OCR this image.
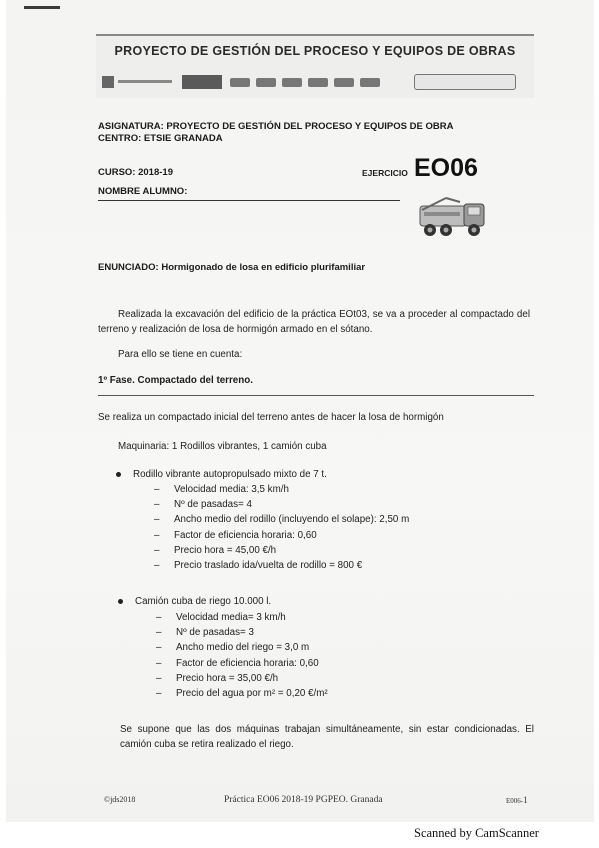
PROYECTO DE GESTIÓN DEL PROCESO Y EQUIPOS DE OBRAS
ASIGNATURA: PROYECTO DE GESTIÓN DEL PROCESO Y EQUIPOS DE OBRA
CENTRO: ETSIE GRANADA
CURSO: 2018-19
NOMBRE ALUMNO:
EJERCICIO EO06
ENUNCIADO: Hormigonado de losa en edificio plurifamiliar
Realizada la excavación del edificio de la práctica EOt03, se va a proceder al compactado del terreno y realización de losa de hormigón armado en el sótano.
Para ello se tiene en cuenta:
1º Fase. Compactado del terreno.
Se realiza un compactado inicial del terreno antes de hacer la losa de hormigón
Maquinaria: 1 Rodillos vibrantes, 1 camión cuba
Rodillo vibrante autopropulsado mixto de 7 t.
–	Velocidad media: 3,5 km/h
–	Nº de pasadas= 4
–	Ancho medio del rodillo (incluyendo el solape): 2,50 m
–	Factor de eficiencia horaria: 0,60
–	Precio hora = 45,00 €/h
–	Precio traslado ida/vuelta de rodillo = 800 €
Camión cuba de riego 10.000 l.
–	Velocidad media= 3 km/h
–	Nº de pasadas= 3
–	Ancho medio del riego = 3,0 m
–	Factor de eficiencia horaria: 0,60
–	Precio hora = 35,00 €/h
–	Precio del agua por m² = 0,20 €/m²
Se supone que las dos máquinas trabajan simultáneamente, sin estar condicionadas. El camión cuba se retira realizado el riego.
©jds2018	Práctica EO06 2018-19 PGPEO. Granada	E006-1
Scanned by CamScanner
